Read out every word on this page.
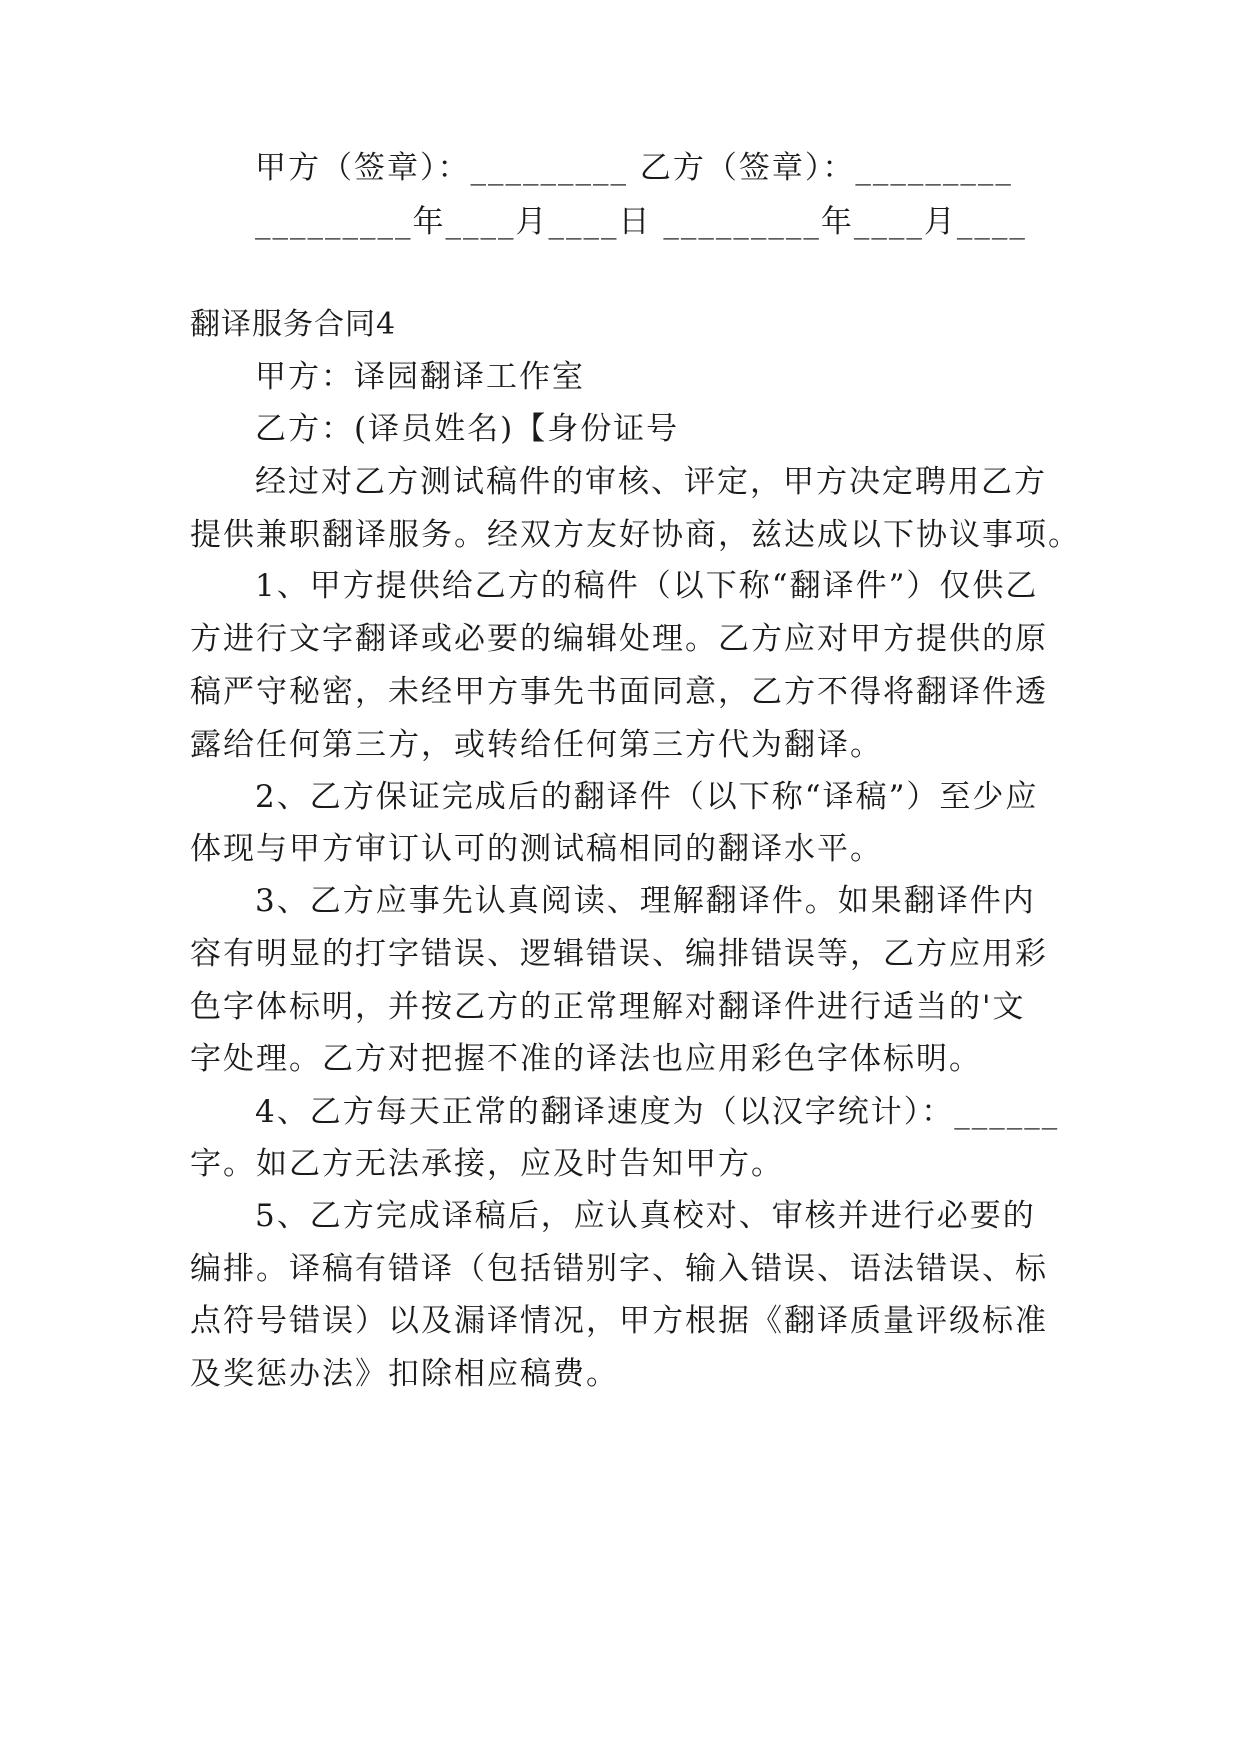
甲方（签章）：_________ 乙方（签章）：_________
_________年____月____日 _________年____月____
翻译服务合同4
甲方：译园翻译工作室
乙方：(译员姓名)【身份证号
经过对乙方测试稿件的审核、评定，甲方决定聘用乙方
提供兼职翻译服务。经双方友好协商，兹达成以下协议事项。
1、甲方提供给乙方的稿件（以下称“翻译件”）仅供乙
方进行文字翻译或必要的编辑处理。乙方应对甲方提供的原
稿严守秘密，未经甲方事先书面同意，乙方不得将翻译件透
露给任何第三方，或转给任何第三方代为翻译。
2、乙方保证完成后的翻译件（以下称“译稿”）至少应
体现与甲方审订认可的测试稿相同的翻译水平。
3、乙方应事先认真阅读、理解翻译件。如果翻译件内
容有明显的打字错误、逻辑错误、编排错误等，乙方应用彩
色字体标明，并按乙方的正常理解对翻译件进行适当的'文
字处理。乙方对把握不准的译法也应用彩色字体标明。
4、乙方每天正常的翻译速度为（以汉字统计）：______
字。如乙方无法承接，应及时告知甲方。
5、乙方完成译稿后，应认真校对、审核并进行必要的
编排。译稿有错译（包括错别字、输入错误、语法错误、标
点符号错误）以及漏译情况，甲方根据《翻译质量评级标准
及奖惩办法》扣除相应稿费。
